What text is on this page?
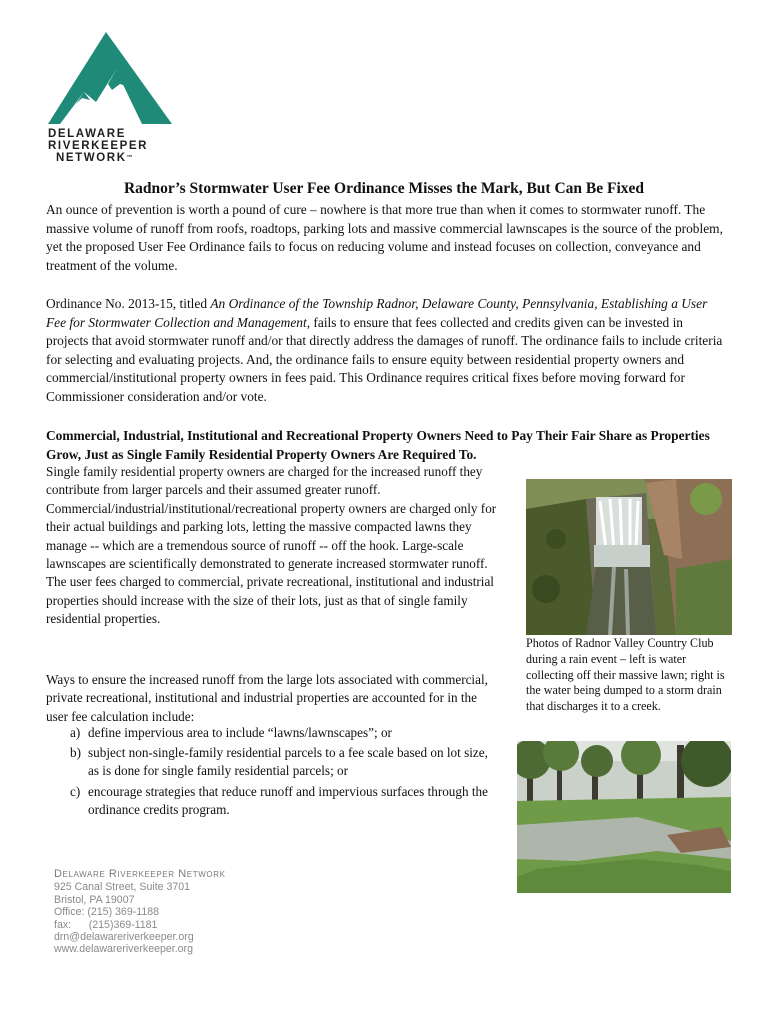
DELAWARE
RIVERKEEPER
NETWORK™
Radnor’s Stormwater User Fee Ordinance Misses the Mark, But Can Be Fixed

An ounce of prevention is worth a pound of cure – nowhere is that more true than when it comes to stormwater runoff. The massive volume of runoff from roofs, roadtops, parking lots and massive commercial lawnscapes is the source of the problem, yet the proposed User Fee Ordinance fails to focus on reducing volume and instead focuses on collection, conveyance and treatment of the volume.

Ordinance No. 2013-15, titled An Ordinance of the Township Radnor, Delaware County, Pennsylvania, Establishing a User Fee for Stormwater Collection and Management, fails to ensure that fees collected and credits given can be invested in projects that avoid stormwater runoff and/or that directly address the damages of runoff. The ordinance fails to include criteria for selecting and evaluating projects. And, the ordinance fails to ensure equity between residential property owners and commercial/institutional property owners in fees paid. This Ordinance requires critical fixes before moving forward for Commissioner consideration and/or vote.

Commercial, Industrial, Institutional and Recreational Property Owners Need to Pay Their Fair Share as Properties Grow, Just as Single Family Residential Property Owners Are Required To.

Single family residential property owners are charged for the increased runoff they contribute from larger parcels and their assumed greater runoff. Commercial/industrial/institutional/recreational property owners are charged only for their actual buildings and parking lots, letting the massive compacted lawns they manage -- which are a tremendous source of runoff -- off the hook. Large-scale lawnscapes are scientifically demonstrated to generate increased stormwater runoff. The user fees charged to commercial, private recreational, institutional and industrial properties should increase with the size of their lots, just as that of single family residential properties.

Photos of Radnor Valley Country Club during a rain event – left is water collecting off their massive lawn; right is the water being dumped to a storm drain that discharges it to a creek.

Ways to ensure the increased runoff from the large lots associated with commercial, private recreational, institutional and industrial properties are accounted for in the user fee calculation include:

a) define impervious area to include “lawns/lawnscapes”; or
b) subject non-single-family residential parcels to a fee scale based on lot size, as is done for single family residential parcels; or
c) encourage strategies that reduce runoff and impervious surfaces through the ordinance credits program.
Delaware Riverkeeper Network
925 Canal Street, Suite 3701
Bristol, PA 19007
Office: (215) 369-1188
fax:      (215)369-1181
drn@delawareriverkeeper.org
www.delawareriverkeeper.org
